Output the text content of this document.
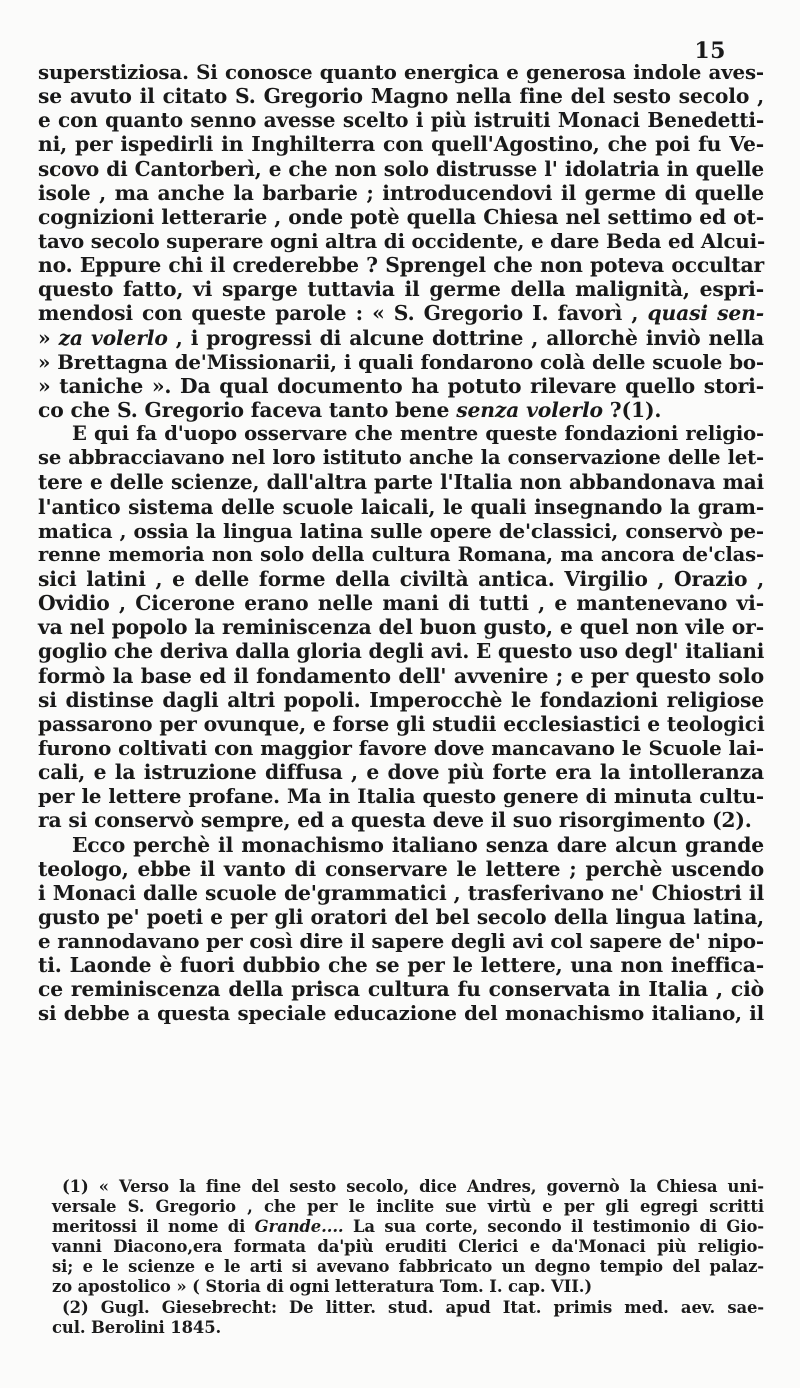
15
superstiziosa. Si conosce quanto energica e generosa indole aves-
se avuto il citato S. Gregorio Magno nella fine del sesto secolo ,
e con quanto senno avesse scelto i più istruiti Monaci Benedetti-
ni, per ispedirli in Inghilterra con quell'Agostino, che poi fu Ve-
scovo di Cantorberì, e che non solo distrusse l' idolatria in quelle
isole , ma anche la barbarie ; introducendovi il germe di quelle
cognizioni letterarie , onde potè quella Chiesa nel settimo ed ot-
tavo secolo superare ogni altra di occidente, e dare Beda ed Alcui-
no. Eppure chi il crederebbe ? Sprengel che non poteva occultar
questo fatto, vi sparge tuttavia il germe della malignità, espri-
mendosi con queste parole : « S. Gregorio I. favorì , quasi sen-
» za volerlo , i progressi di alcune dottrine , allorchè inviò nella
» Brettagna de'Missionarii, i quali fondarono colà delle scuole bo-
» taniche ». Da qual documento ha potuto rilevare quello stori-
co che S. Gregorio faceva tanto bene senza volerlo ?(1).
E qui fa d'uopo osservare che mentre queste fondazioni religio-
se abbracciavano nel loro istituto anche la conservazione delle let-
tere e delle scienze, dall'altra parte l'Italia non abbandonava mai
l'antico sistema delle scuole laicali, le quali insegnando la gram-
matica , ossia la lingua latina sulle opere de'classici, conservò pe-
renne memoria non solo della cultura Romana, ma ancora de'clas-
sici latini , e delle forme della civiltà antica. Virgilio , Orazio ,
Ovidio , Cicerone erano nelle mani di tutti , e mantenevano vi-
va nel popolo la reminiscenza del buon gusto, e quel non vile or-
goglio che deriva dalla gloria degli avi. E questo uso degl' italiani
formò la base ed il fondamento dell' avvenire ; e per questo solo
si distinse dagli altri popoli. Imperocchè le fondazioni religiose
passarono per ovunque, e forse gli studii ecclesiastici e teologici
furono coltivati con maggior favore dove mancavano le Scuole lai-
cali, e la istruzione diffusa , e dove più forte era la intolleranza
per le lettere profane. Ma in Italia questo genere di minuta cultu-
ra si conservò sempre, ed a questa deve il suo risorgimento (2).
Ecco perchè il monachismo italiano senza dare alcun grande
teologo, ebbe il vanto di conservare le lettere ; perchè uscendo
i Monaci dalle scuole de'grammatici , trasferivano ne' Chiostri il
gusto pe' poeti e per gli oratori del bel secolo della lingua latina,
e rannodavano per così dire il sapere degli avi col sapere de' nipo-
ti. Laonde è fuori dubbio che se per le lettere, una non inefficа-
ce reminiscenza della prisca cultura fu conservata in Italia , ciò
si debbe a questa speciale educazione del monachismo italiano, il
(1) « Verso la fine del sesto secolo, dice Andres, governò la Chiesa uni-
versale S. Gregorio , che per le inclite sue virtù e per gli egregi scritti
meritossi il nome di Grande.... La sua corte, secondo il testimonio di Gio-
vanni Diacono,era formata da'più eruditi Clerici e da'Monaci più religio-
si; e le scienze e le arti si avevano fabbricato un degno tempio del palaz-
zo apostolico » ( Storia di ogni letteratura Tom. I. cap. VII.)
(2) Gugl. Giesebrecht: De litter. stud. apud Itat. primis med. aev. sae-
cul. Berolini 1845.
